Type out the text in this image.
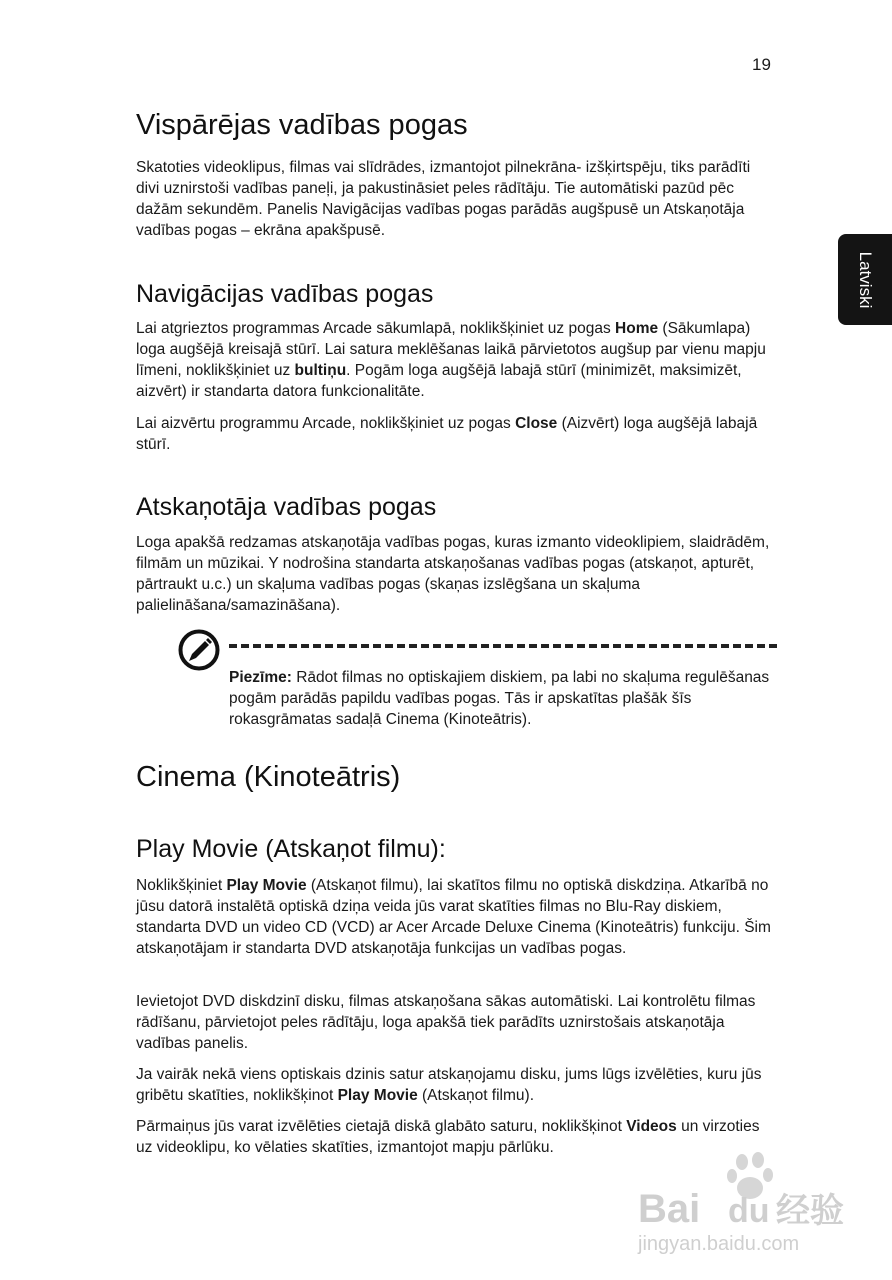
19
Latviski
Vispārējas vadības pogas

Skatoties videoklipus, filmas vai slīdrādes, izmantojot pilnekrāna- izšķirtspēju, tiks parādīti divi uznirstoši vadības paneļi, ja pakustināsiet peles rādītāju. Tie automātiski pazūd pēc dažām sekundēm. Panelis Navigācijas vadības pogas parādās augšpusē un Atskaņotāja vadības pogas – ekrāna apakšpusē.

Navigācijas vadības pogas

Lai atgrieztos programmas Arcade sākumlapā, noklikšķiniet uz pogas Home (Sākumlapa) loga augšējā kreisajā stūrī. Lai satura meklēšanas laikā pārvietotos augšup par vienu mapju līmeni, noklikšķiniet uz bultiņu. Pogām loga augšējā labajā stūrī (minimizēt, maksimizēt, aizvērt) ir standarta datora funkcionalitāte.

Lai aizvērtu programmu Arcade, noklikšķiniet uz pogas Close (Aizvērt) loga augšējā labajā stūrī.

Atskaņotāja vadības pogas

Loga apakšā redzamas atskaņotāja vadības pogas, kuras izmanto videoklipiem, slaidrādēm, filmām un mūzikai. Y nodrošina standarta atskaņošanas vadības pogas (atskaņot, apturēt, pārtraukt u.c.) un skaļuma vadības pogas (skaņas izslēgšana un skaļuma palielināšana/samazināšana).

Piezīme: Rādot filmas no optiskajiem diskiem, pa labi no skaļuma regulēšanas pogām parādās papildu vadības pogas. Tās ir apskatītas plašāk šīs rokasgrāmatas sadaļā Cinema (Kinoteātris).

Cinema (Kinoteātris)
Play Movie (Atskaņot filmu):

Noklikšķiniet Play Movie (Atskaņot filmu), lai skatītos filmu no optiskā diskdziņa. Atkarībā no jūsu datorā instalētā optiskā dziņa veida jūs varat skatīties filmas no Blu-Ray diskiem, standarta DVD un video CD (VCD) ar Acer Arcade Deluxe Cinema (Kinoteātris) funkciju. Šim atskaņotājam ir standarta DVD atskaņotāja funkcijas un vadības pogas.

Ievietojot DVD diskdzinī disku, filmas atskaņošana sākas automātiski. Lai kontrolētu filmas rādīšanu, pārvietojot peles rādītāju, loga apakšā tiek parādīts uznirstošais atskaņotāja vadības panelis.

Ja vairāk nekā viens optiskais dzinis satur atskaņojamu disku, jums lūgs izvēlēties, kuru jūs gribētu skatīties, noklikšķinot Play Movie (Atskaņot filmu).

Pārmaiņus jūs varat izvēlēties cietajā diskā glabāto saturu, noklikšķinot Videos un virzoties uz videoklipu, ko vēlaties skatīties, izmantojot mapju pārlūku.

Bai du 经验
jingyan.baidu.com
